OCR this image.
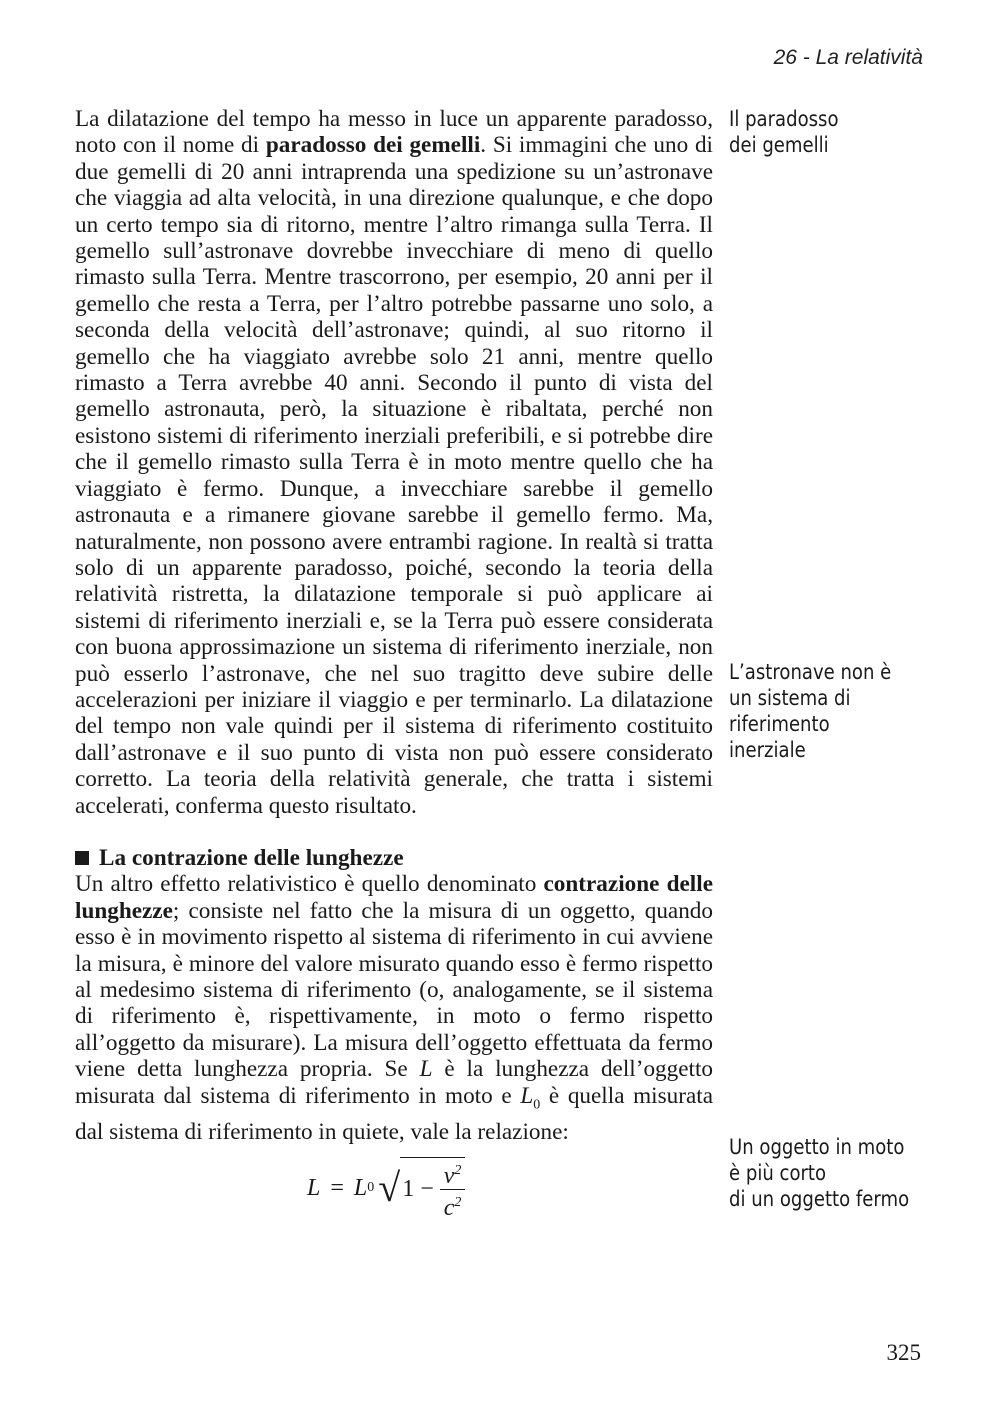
26 - La relatività

La dilatazione del tempo ha messo in luce un apparente paradosso, noto con il nome di paradosso dei gemelli. Si immagini che uno di due gemelli di 20 anni intraprenda una spedizione su un’astronave che viaggia ad alta velocità, in una direzione qualunque, e che dopo un certo tempo sia di ritorno, mentre l’altro rimanga sulla Terra. Il gemello sull’astronave dovrebbe invecchiare di meno di quello rimasto sulla Terra. Mentre trascorrono, per esempio, 20 anni per il gemello che resta a Terra, per l’altro potrebbe passarne uno solo, a seconda della velocità dell’astronave; quindi, al suo ritorno il gemello che ha viaggiato avrebbe solo 21 anni, mentre quello rimasto a Terra avrebbe 40 anni. Secondo il punto di vista del gemello astronauta, però, la situazione è ribaltata, perché non esistono sistemi di riferimento inerziali preferibili, e si potrebbe dire che il gemello rimasto sulla Terra è in moto mentre quello che ha viaggiato è fermo. Dunque, a invecchiare sarebbe il gemello astronauta e a rimanere giovane sarebbe il gemello fermo. Ma, naturalmente, non possono avere entrambi ragione. In realtà si tratta solo di un apparente paradosso, poiché, secondo la teoria della relatività ristretta, la dilatazione temporale si può applicare ai sistemi di riferimento inerziali e, se la Terra può essere considerata con buona approssimazione un sistema di riferimento inerziale, non può esserlo l’astronave, che nel suo tragitto deve subire delle accelerazioni per iniziare il viaggio e per terminarlo. La dilatazione del tempo non vale quindi per il sistema di riferimento costituito dall’astronave e il suo punto di vista non può essere considerato corretto. La teoria della relatività generale, che tratta i sistemi accelerati, conferma questo risultato.

La contrazione delle lunghezze

Un altro effetto relativistico è quello denominato contrazione delle lunghezze; consiste nel fatto che la misura di un oggetto, quando esso è in movimento rispetto al sistema di riferimento in cui avviene la misura, è minore del valore misurato quando esso è fermo rispetto al medesimo sistema di riferimento (o, analogamente, se il sistema di riferimento è, rispettivamente, in moto o fermo rispetto all’oggetto da misurare). La misura dell’oggetto effettuata da fermo viene detta lunghezza propria. Se L è la lunghezza dell’oggetto misurata dal sistema di riferimento in moto e $L_0$ è quella misurata dal sistema di riferimento in quiete, vale la relazione:

L = L 0 √ $1 - \frac{v^2}{c^2}$
Il paradosso
dei gemelli
L’astronave non è
un sistema di
riferimento inerziale
Un oggetto in moto
è più corto
di un oggetto fermo
325
